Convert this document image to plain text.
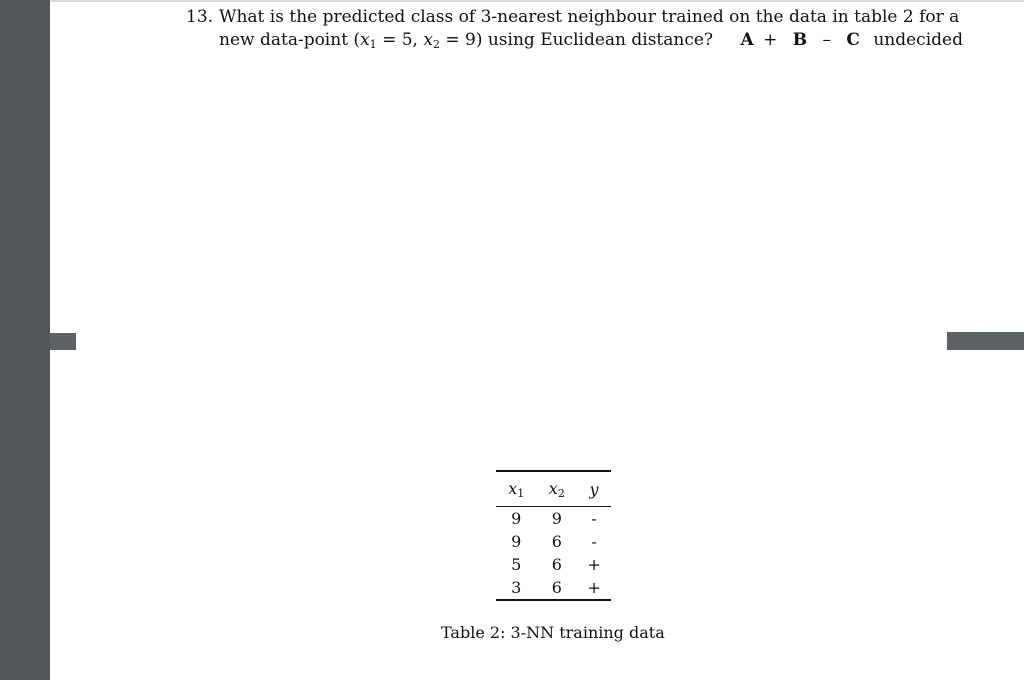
13. What is the predicted class of 3-nearest neighbour trained on the data in table 2 for a
new data-point ($x_1 = 5$, $x_2 = 9$) using Euclidean distance? A + B – C undecided
$x_1$	$x_2$	y
9	9	-
9	6	-
5	6	+
3	6	+
Table 2: 3-NN training data
